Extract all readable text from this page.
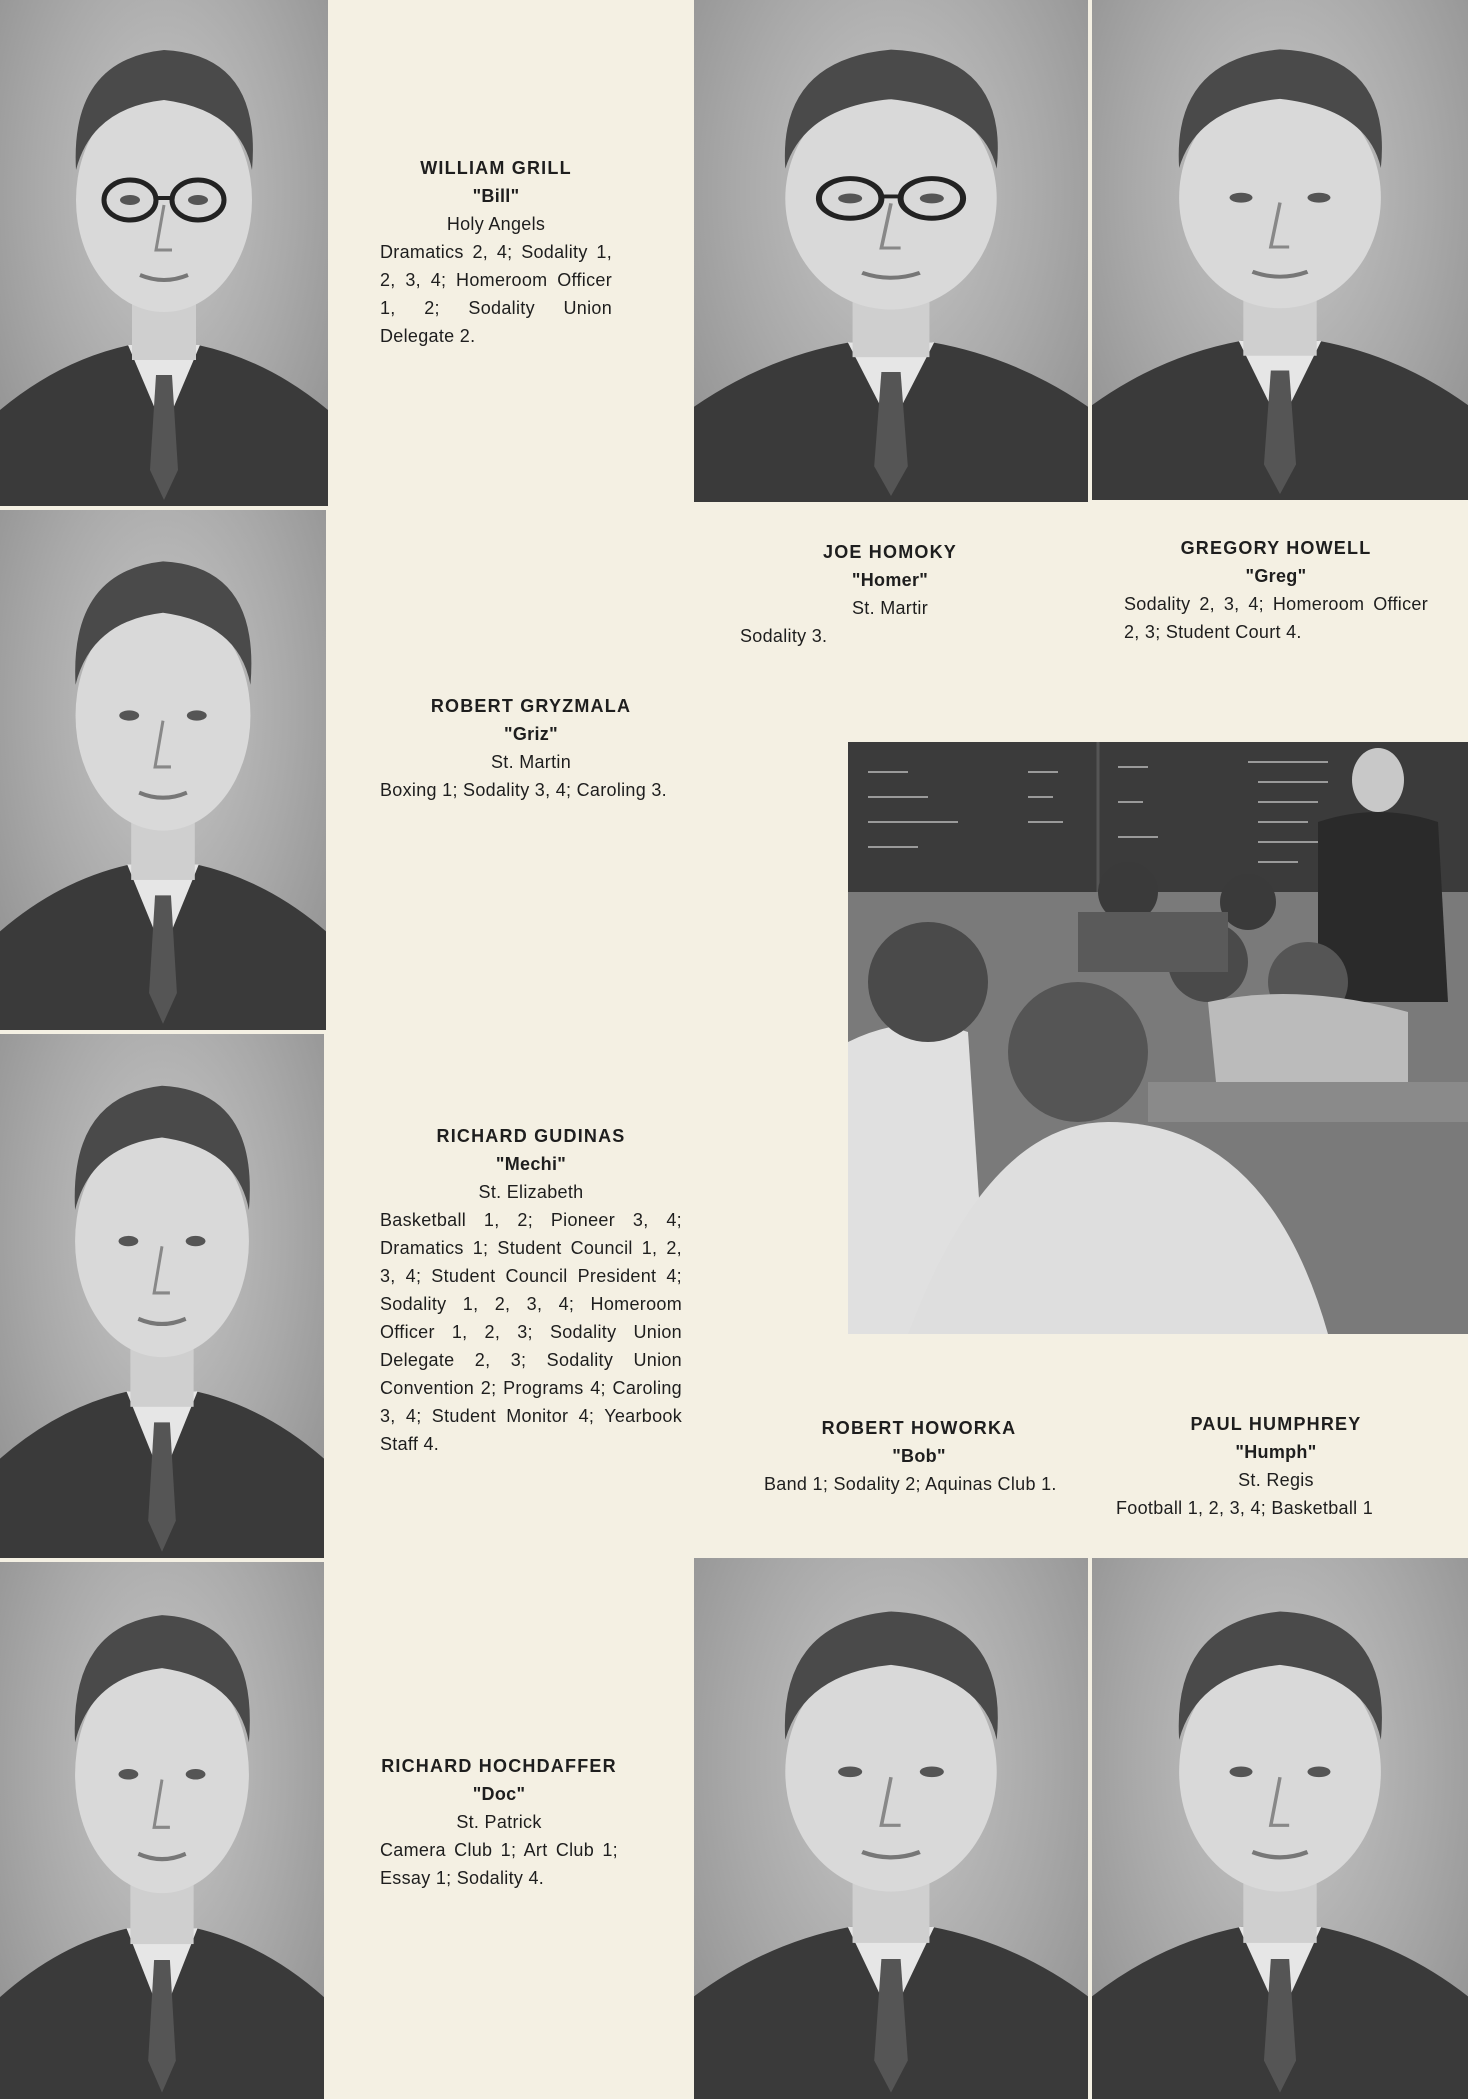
WILLIAM GRILL
"Bill"
Holy Angels
Dramatics 2, 4; Sodality 1, 2, 3, 4; Homeroom Officer 1, 2; Sodality Union Delegate 2.
ROBERT GRYZMALA
"Griz"
St. Martin
Boxing 1; Sodality 3, 4; Caroling 3.
RICHARD GUDINAS
"Mechi"
St. Elizabeth
Basketball 1, 2; Pioneer 3, 4; Dramatics 1; Student Council 1, 2, 3, 4; Student Council President 4; Sodality 1, 2, 3, 4; Homeroom Officer 1, 2, 3; Sodality Union Delegate 2, 3; Sodality Union Convention 2; Programs 4; Caroling 3, 4; Student Monitor 4; Yearbook Staff 4.
RICHARD HOCHDAFFER
"Doc"
St. Patrick
Camera Club 1; Art Club 1; Essay 1; Sodality 4.
JOE HOMOKY
"Homer"
St. Martir
Sodality 3.
GREGORY HOWELL
"Greg"
Sodality 2, 3, 4; Homeroom Officer 2, 3; Student Court 4.
ROBERT HOWORKA
"Bob"
Band 1; Sodality 2; Aquinas Club 1.
PAUL HUMPHREY
"Humph"
St. Regis
Football 1, 2, 3, 4; Basketball 1
